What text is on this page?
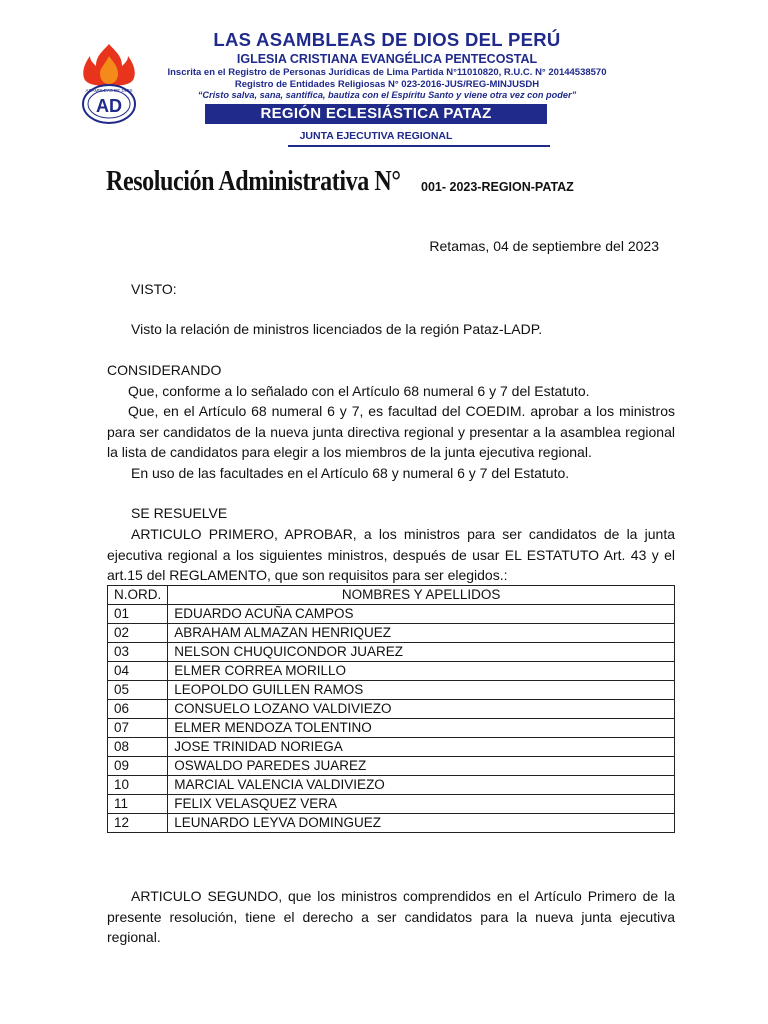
AD
ASAMBLEAS DE DIOS
LAS ASAMBLEAS DE DIOS DEL PERÚ
IGLESIA CRISTIANA EVANGÉLICA PENTECOSTAL
Inscrita en el Registro de Personas Jurídicas de Lima Partida N°11010820, R.U.C. N° 20144538570
Registro de Entidades Religiosas N° 023-2016-JUS/REG-MINJUSDH
“Cristo salva, sana, santifica, bautiza con el Espíritu Santo y viene otra vez con poder”
REGIÓN ECLESIÁSTICA PATAZ
JUNTA EJECUTIVA REGIONAL
Resolución Administrativa N° 001- 2023-REGION-PATAZ
Retamas, 04 de septiembre del 2023
VISTO:
Visto la relación de ministros licenciados de la región Pataz-LADP.
CONSIDERANDO
Que, conforme a lo señalado con el Artículo 68 numeral 6 y 7 del Estatuto.
Que, en el Artículo 68 numeral 6 y 7, es facultad del COEDIM. aprobar a los ministros para ser candidatos de la nueva junta directiva regional y presentar a la asamblea regional la lista de candidatos para elegir a los miembros de la junta ejecutiva regional.
En uso de las facultades en el Artículo 68 y numeral 6 y 7 del Estatuto.
SE RESUELVE
ARTICULO PRIMERO, APROBAR, a los ministros para ser candidatos de la junta ejecutiva regional a los siguientes ministros, después de usar EL ESTATUTO Art. 43 y el art.15 del REGLAMENTO, que son requisitos para ser elegidos.:
N.ORD.	NOMBRES Y APELLIDOS
01	EDUARDO ACUÑA CAMPOS
02	ABRAHAM ALMAZAN HENRIQUEZ
03	NELSON CHUQUICONDOR JUAREZ
04	ELMER CORREA MORILLO
05	LEOPOLDO GUILLEN RAMOS
06	CONSUELO LOZANO VALDIVIEZO
07	ELMER MENDOZA TOLENTINO
08	JOSE TRINIDAD NORIEGA
09	OSWALDO PAREDES JUAREZ
10	MARCIAL VALENCIA VALDIVIEZO
11	FELIX VELASQUEZ VERA
12	LEUNARDO LEYVA DOMINGUEZ
ARTICULO SEGUNDO, que los ministros comprendidos en el Artículo Primero de la presente resolución, tiene el derecho a ser candidatos para la nueva junta ejecutiva regional.
